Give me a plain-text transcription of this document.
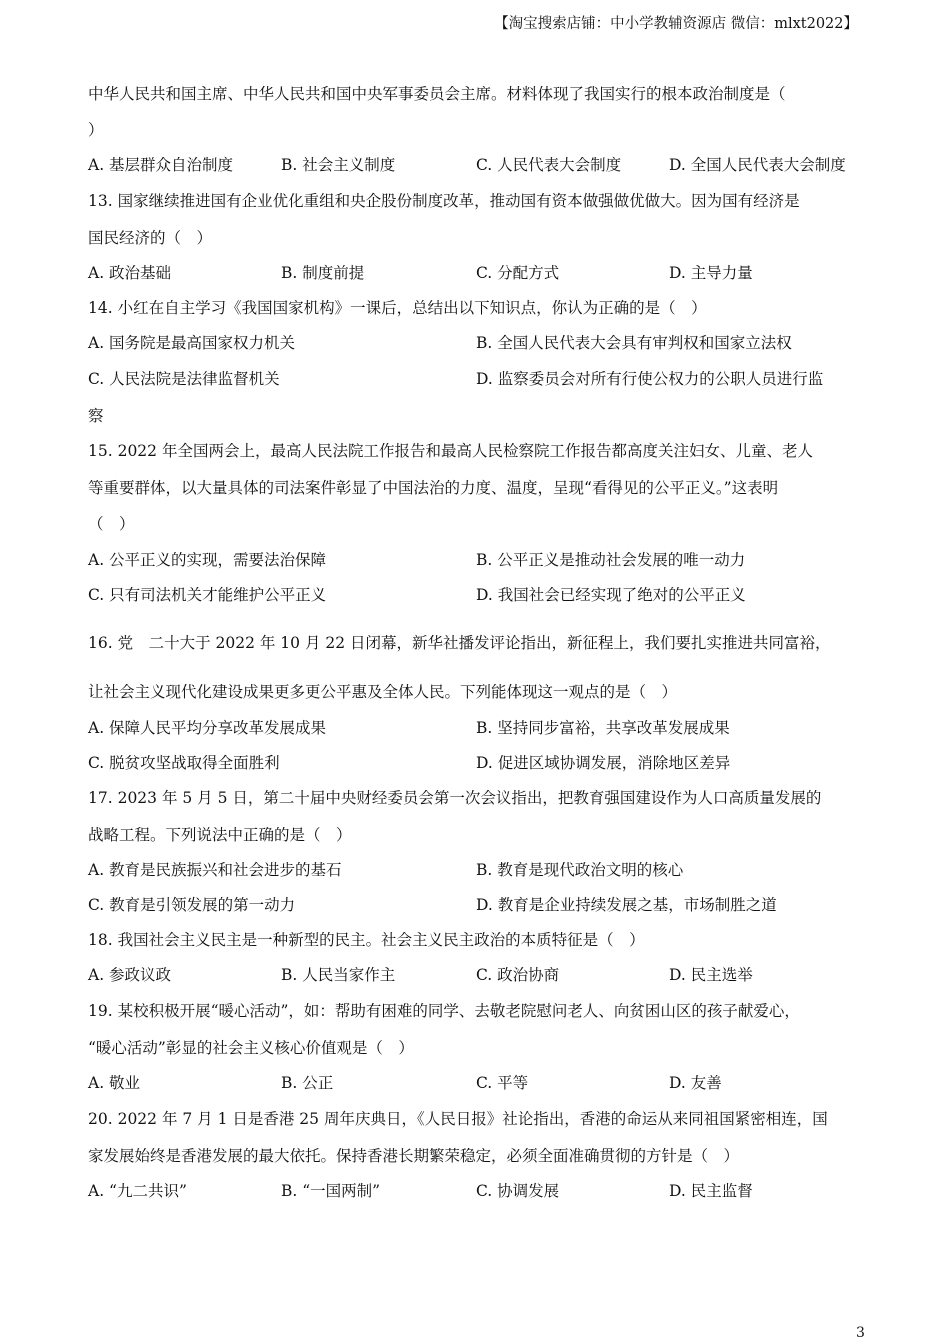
【淘宝搜索店铺：中小学教辅资源店 微信：mlxt2022】
中华人民共和国主席、中华人民共和国中央军事委员会主席。材料体现了我国实行的根本政治制度是（
）
A. 基层群众自治制度	B. 社会主义制度	C. 人民代表大会制度	D. 全国人民代表大会制度
13. 国家继续推进国有企业优化重组和央企股份制度改革，推动国有资本做强做优做大。因为国有经济是
国民经济的（　）
A. 政治基础	B. 制度前提	C. 分配方式	D. 主导力量
14. 小红在自主学习《我国国家机构》一课后，总结出以下知识点，你认为正确的是（　）
A. 国务院是最高国家权力机关	B. 全国人民代表大会具有审判权和国家立法权
C. 人民法院是法律监督机关	D. 监察委员会对所有行使公权力的公职人员进行监
察
15. 2022 年全国两会上，最高人民法院工作报告和最高人民检察院工作报告都高度关注妇女、儿童、老人
等重要群体，以大量具体的司法案件彰显了中国法治的力度、温度，呈现“看得见的公平正义。”这表明
（　）
A. 公平正义的实现，需要法治保障	B. 公平正义是推动社会发展的唯一动力
C. 只有司法机关才能维护公平正义	D. 我国社会已经实现了绝对的公平正义
16. 党　二十大于 2022 年 10 月 22 日闭幕，新华社播发评论指出，新征程上，我们要扎实推进共同富裕，
让社会主义现代化建设成果更多更公平惠及全体人民。下列能体现这一观点的是（　）
A. 保障人民平均分享改革发展成果	B. 坚持同步富裕，共享改革发展成果
C. 脱贫攻坚战取得全面胜利	D. 促进区域协调发展，消除地区差异
17. 2023 年 5 月 5 日，第二十届中央财经委员会第一次会议指出，把教育强国建设作为人口高质量发展的
战略工程。下列说法中正确的是（　）
A. 教育是民族振兴和社会进步的基石	B. 教育是现代政治文明的核心
C. 教育是引领发展的第一动力	D. 教育是企业持续发展之基，市场制胜之道
18. 我国社会主义民主是一种新型的民主。社会主义民主政治的本质特征是（　）
A. 参政议政	B. 人民当家作主	C. 政治协商	D. 民主选举
19. 某校积极开展“暖心活动”，如：帮助有困难的同学、去敬老院慰问老人、向贫困山区的孩子献爱心，
“暖心活动”彰显的社会主义核心价值观是（　）
A. 敬业	B. 公正	C. 平等	D. 友善
20. 2022 年 7 月 1 日是香港 25 周年庆典日，《人民日报》社论指出，香港的命运从来同祖国紧密相连，国
家发展始终是香港发展的最大依托。保持香港长期繁荣稳定，必须全面准确贯彻的方针是（　）
A. “九二共识”	B. “一国两制”	C. 协调发展	D. 民主监督
3
